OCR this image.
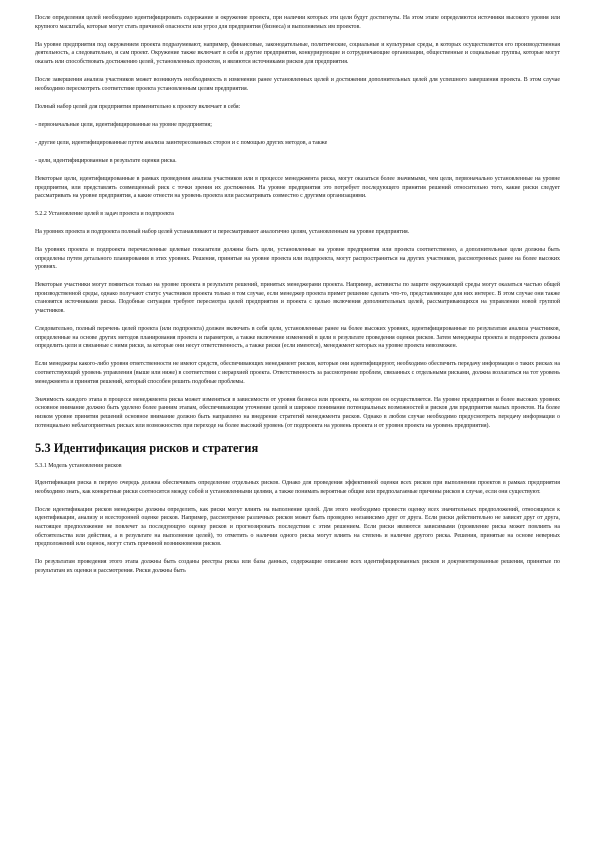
После определения целей необходимо идентифицировать содержание и окружение проекта, при наличии которых эти цели будут достигнуты. На этом этапе определяются источники высокого уровня или крупного масштаба, которые могут стать причиной опасности или угроз для предприятия (бизнеса) и выполняемых им проектов.

На уровне предприятия под окружением проекта подразумевают, например, финансовые, законодательные, политические, социальные и культурные среды, в которых осуществляется его производственная деятельность, а следовательно, и сам проект. Окружение также включает в себя и другие предприятия, конкурирующие и сотрудничающие организации, общественные и социальные группы, которые могут оказать или способствовать достижению целей, установленных проектом, и являются источниками рисков для предприятия.

После завершения анализа участников может возникнуть необходимость в изменении ранее установленных целей и достижении дополнительных целей для успешного завершения проекта. В этом случае необходимо пересмотреть соответствие проекта установленным целям предприятия.

Полный набор целей для предприятия применительно к проекту включает в себя:

- первоначальные цели, идентифицированные на уровне предприятия;

- другие цели, идентифицированные путем анализа заинтересованных сторон и с помощью других методов, а также

- цели, идентифицированные в результате оценки риска.

Некоторые цели, идентифицированные в рамках проведения анализа участников или в процессе менеджмента риска, могут оказаться более значимыми, чем цели, первоначально установленные на уровне предприятия, или представлять совмещенный риск с точки зрения их достижения. На уровне предприятия это потребует последующего принятия решений относительно того, какие риски следует рассматривать на уровне предприятия, а какие отнести на уровень проекта или рассматривать совместно с другими организациями.

5.2.2 Установление целей в задач проекта и подпроекта

На уровнях проекта и подпроекта полный набор целей устанавливают и пересматривают аналогично целям, установленным на уровне предприятия.

На уровнях проекта и подпроекта перечисленные целевые показатели должны быть цели, установленные на уровне предприятия или проекта соответственно, а дополнительные цели должны быть определены путем детального планирования в этих уровнях. Решения, принятые на уровне проекта или подпроекта, могут распространяться на других участников, рассмотренных ранее на более высоких уровнях.

Некоторые участники могут появиться только на уровне проекта в результате решений, принятых менеджерами проекта. Например, активисты по защите окружающей среды могут оказаться частью общей производственной среды, однако получают статус участников проекта только в том случае, если менеджер проекта примет решение сделать что-то, представляющее для них интерес. В этом случае они также становятся источниками риска. Подобные ситуации требуют пересмотра целей предприятия и проекта с целью включения дополнительных целей, рассматривающихся на управлении новой группой участников.

Следовательно, полный перечень целей проекта (или подпроекта) должен включать в себя цели, установленные ранее на более высоких уровнях, идентифицированные по результатам анализа участников, определенные на основе других методов планирования проекта и параметров, а также включение изменений в цели в результате проведения оценки рисков. Затем менеджеры проекта и подпроекта должны определить цели и связанные с ними риски, за которые они несут ответственность, а также риски (если имеются), менеджмент которых на уровне проекта невозможен.

Если менеджеры какого-либо уровня ответственности не имеют средств, обеспечивающих менеджмент рисков, которые они идентифицируют, необходимо обеспечить передачу информации о таких рисках на соответствующий уровень управления (выше или ниже) в соответствии с иерархией проекта. Ответственность за рассмотрение проблем, связанных с отдельными рисками, должна возлагаться на тот уровень менеджмента и принятия решений, который способен решить подобные проблемы.

Значимость каждого этапа в процессе менеджмента риска может изменяться в зависимости от уровня бизнеса или проекта, на котором он осуществляется. На уровне предприятия и более высоких уровнях основное внимание должно быть уделено более ранним этапам, обеспечивающим уточнение целей и широкое понимание потенциальных возможностей и рисков для предприятия малых проектов. На более низком уровне принятия решений основное внимание должно быть направлено на внедрение стратегий менеджмента рисков. Однако в любом случае необходимо предусмотреть передачу информации о потенциально неблагоприятных рисках или возможностях при переходе на более высокий уровень (от подпроекта на уровень проекта и от уровня проекта на уровень предприятия).

5.3 Идентификация рисков и стратегия

5.3.1 Модель установления рисков

Идентификация риска в первую очередь должна обеспечивать определение отдельных рисков. Однако для проведения эффективной оценки всех рисков при выполнении проектов в рамках предприятия необходимо знать, как конкретные риски соотносятся между собой и установленными целями, а также понимать вероятные общие или предполагаемые причины рисков в случае, если они существуют.

После идентификации рисков менеджеры должны определить, как риски могут влиять на выполнение целей. Для этого необходимо провести оценку всех значительных предположений, относящихся к идентификации, анализу и всесторонней оценке рисков. Например, рассмотрение различных рисков может быть проведено независимо друг от друга. Если риски действительно не зависят друг от друга, настоящее предположение не повлечет за последующую оценку рисков и прогнозировать последствия с этим решением. Если риски являются зависимыми (проявление риска может повлиять на обстоятельства или действия, а в результате на выполнение целей), то отметить о наличии одного риска могут влиять на степень и наличие другого риска. Решения, принятые на основе неверных предположений или оценок, могут стать причиной возникновения рисков.

По результатам проведения этого этапа должны быть созданы реестры риска или базы данных, содержащие описание всех идентифицированных рисков и документированные решения, принятые по результатам их оценки и рассмотрения. Риски должны быть
